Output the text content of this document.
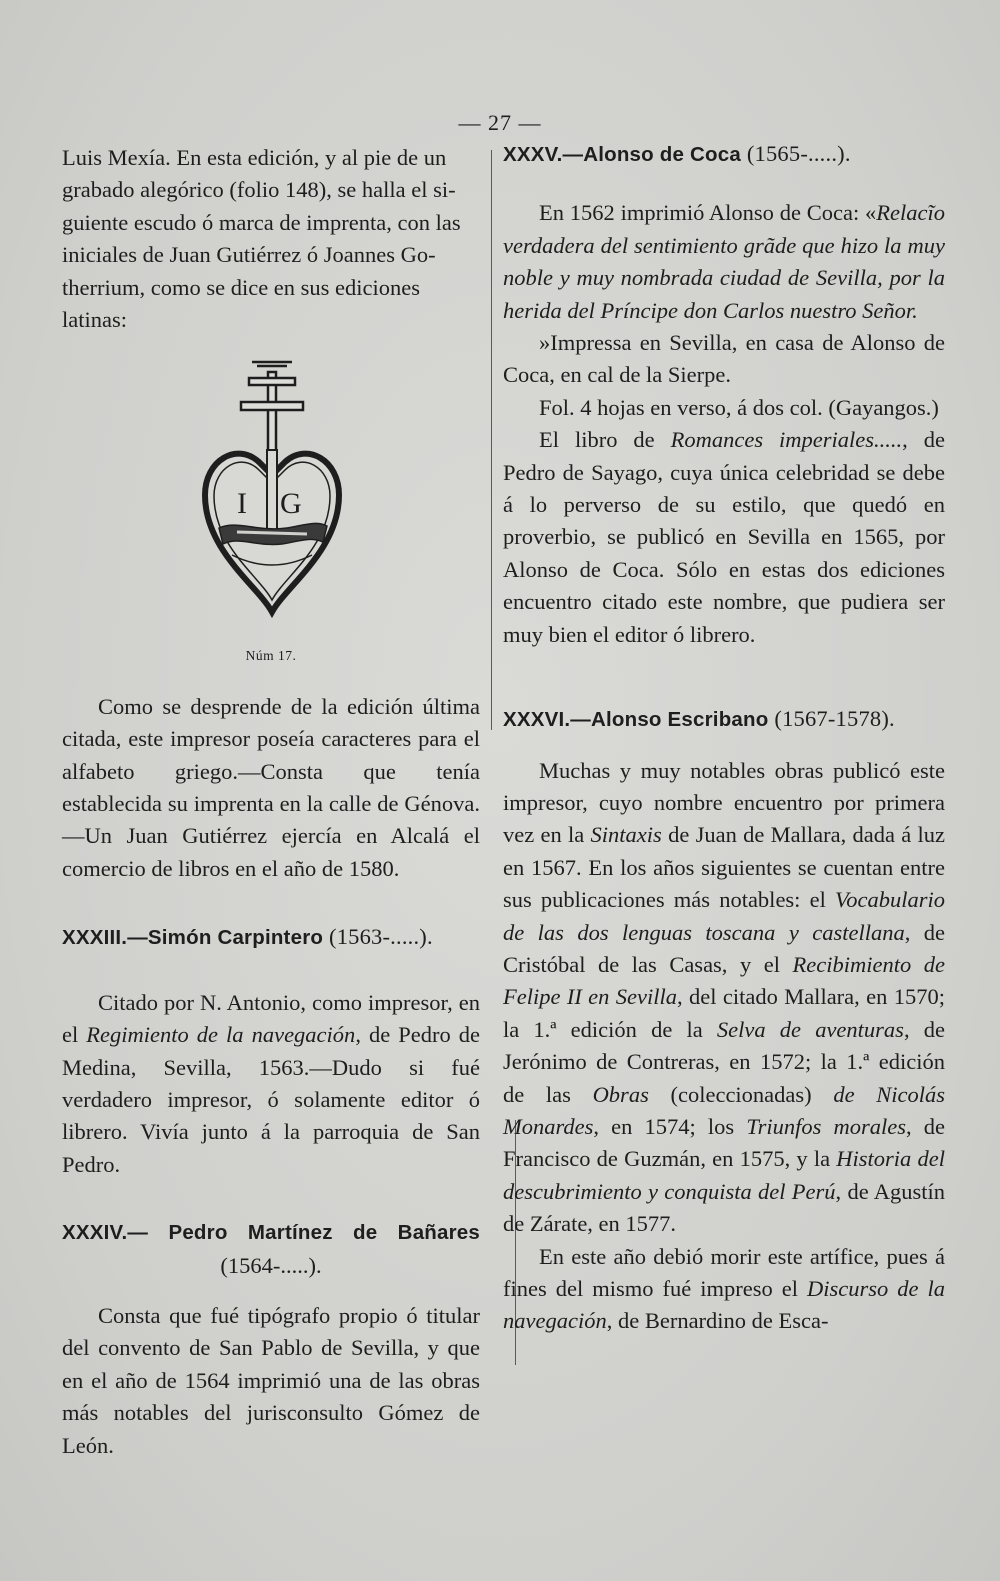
— 27 —

Luis Mexía. En esta edición, y al pie de un
grabado alegórico (folio 148), se halla el si-
guiente escudo ó marca de imprenta, con las
iniciales de Juan Gutiérrez ó Joannes Go-
therrium, como se dice en sus ediciones
latinas:

I G
Núm 17.

Como se desprende de la edición última citada, este impresor poseía caracteres para el alfabeto griego.—Consta que tenía establecida su imprenta en la calle de Génova.—Un Juan Gutiérrez ejercía en Alcalá el comercio de libros en el año de 1580.

XXXIII.—Simón Carpintero (1563-.....).

Citado por N. Antonio, como impresor, en el Regimiento de la navegación, de Pedro de Medina, Sevilla, 1563.—Dudo si fué verdadero impresor, ó solamente editor ó librero. Vivía junto á la parroquia de San Pedro.

XXXIV.— Pedro Martínez de Bañares

(1564-.....).

Consta que fué tipógrafo propio ó titular del convento de San Pablo de Sevilla, y que en el año de 1564 imprimió una de las obras más notables del jurisconsulto Gómez de León.

XXXV.—Alonso de Coca (1565-.....).

En 1562 imprimió Alonso de Coca: «Relacĩo verdadera del sentimiento grãde que hizo la muy noble y muy nombrada ciudad de Sevilla, por la herida del Príncipe don Carlos nuestro Señor.

»Impressa en Sevilla, en casa de Alonso de Coca, en cal de la Sierpe.

Fol. 4 hojas en verso, á dos col. (Gayangos.)

El libro de Romances imperiales....., de Pedro de Sayago, cuya única celebridad se debe á lo perverso de su estilo, que quedó en proverbio, se publicó en Sevilla en 1565, por Alonso de Coca. Sólo en estas dos ediciones encuentro citado este nombre, que pudiera ser muy bien el editor ó librero.

XXXVI.—Alonso Escribano (1567-1578).

Muchas y muy notables obras publicó este impresor, cuyo nombre encuentro por primera vez en la Sintaxis de Juan de Mallara, dada á luz en 1567. En los años siguientes se cuentan entre sus publicaciones más notables: el Vocabulario de las dos lenguas toscana y castellana, de Cristóbal de las Casas, y el Recibimiento de Felipe II en Sevilla, del citado Mallara, en 1570; la 1.ª edición de la Selva de aventuras, de Jerónimo de Contreras, en 1572; la 1.ª edición de las Obras (coleccionadas) de Nicolás Monardes, en 1574; los Triunfos morales, de Francisco de Guzmán, en 1575, y la Historia del descubrimiento y conquista del Perú, de Agustín de Zárate, en 1577.

En este año debió morir este artífice, pues á fines del mismo fué impreso el Discurso de la navegación, de Bernardino de Esca-
